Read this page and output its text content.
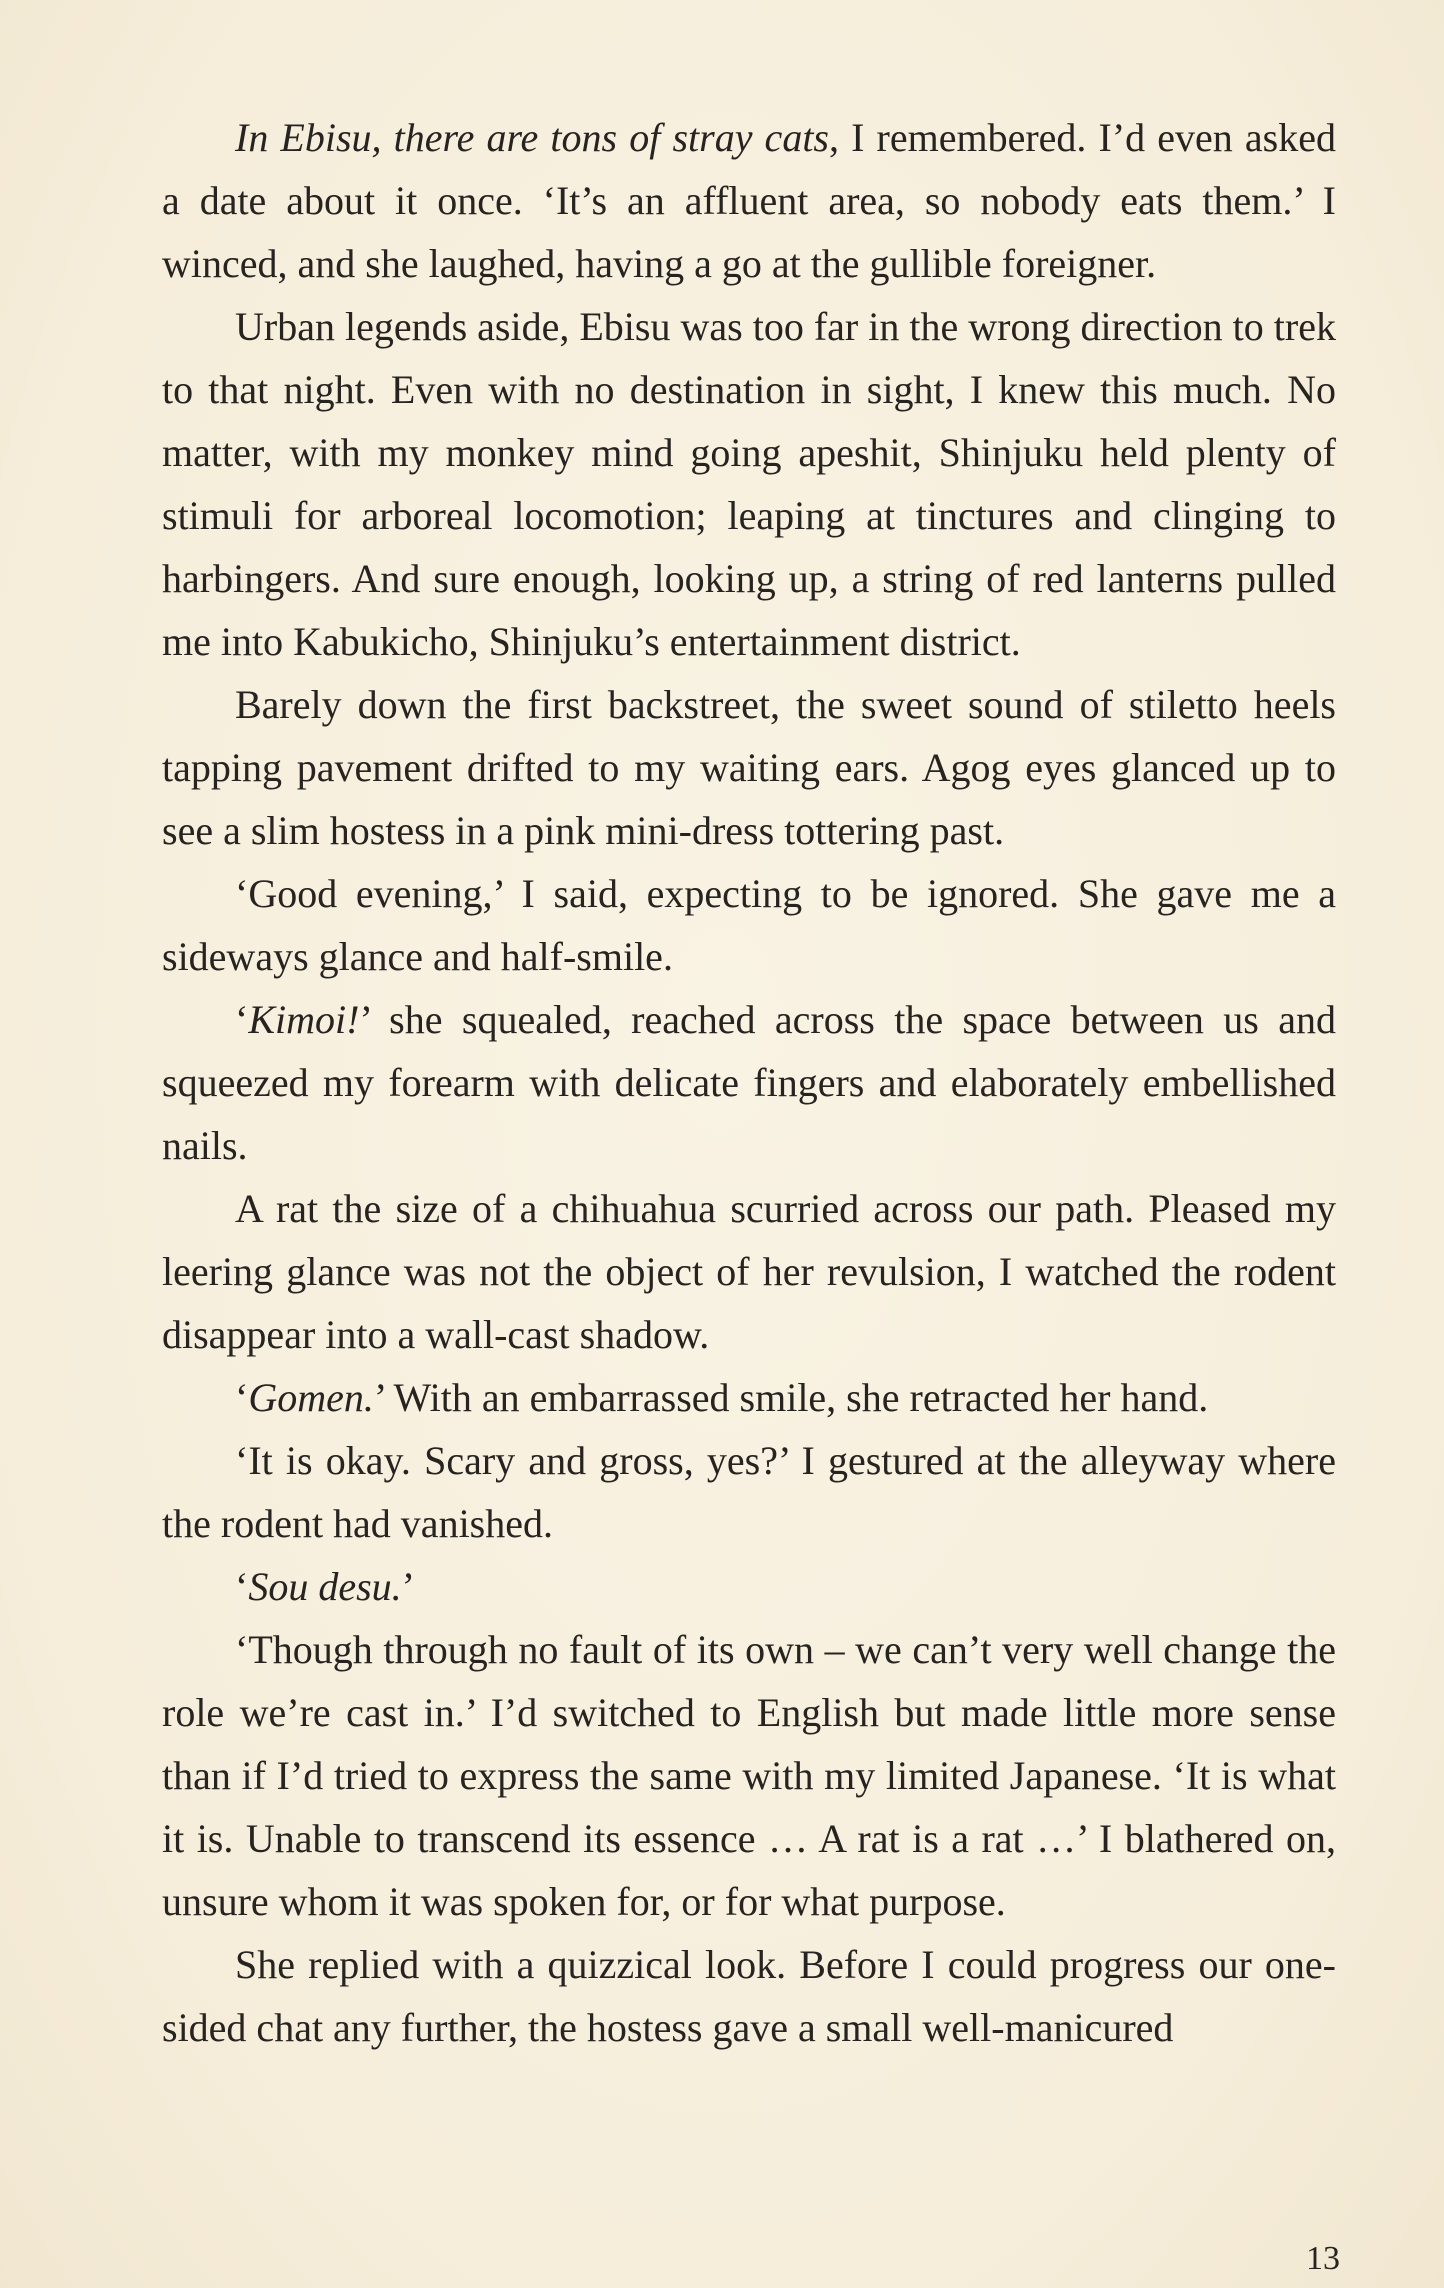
In Ebisu, there are tons of stray cats, I remembered. I’d even asked a date about it once. ‘It’s an affluent area, so nobody eats them.’ I winced, and she laughed, having a go at the gullible foreigner.

Urban legends aside, Ebisu was too far in the wrong direction to trek to that night. Even with no destination in sight, I knew this much. No matter, with my monkey mind going apeshit, Shinjuku held plenty of stimuli for arboreal locomotion; leaping at tinctures and clinging to harbingers. And sure enough, looking up, a string of red lanterns pulled me into Kabukicho, Shinjuku’s entertainment district.

Barely down the first backstreet, the sweet sound of stiletto heels tapping pavement drifted to my waiting ears. Agog eyes glanced up to see a slim hostess in a pink mini-dress tottering past.

‘Good evening,’ I said, expecting to be ignored. She gave me a sideways glance and half-smile.

‘Kimoi!’ she squealed, reached across the space between us and squeezed my forearm with delicate fingers and elaborately embellished nails.

A rat the size of a chihuahua scurried across our path. Pleased my leering glance was not the object of her revulsion, I watched the rodent disappear into a wall-cast shadow.

‘Gomen.’ With an embarrassed smile, she retracted her hand.

‘It is okay. Scary and gross, yes?’ I gestured at the alleyway where the rodent had vanished.

‘Sou desu.’

‘Though through no fault of its own – we can’t very well change the role we’re cast in.’ I’d switched to English but made little more sense than if I’d tried to express the same with my limited Japanese. ‘It is what it is. Unable to transcend its essence … A rat is a rat …’ I blathered on, unsure whom it was spoken for, or for what purpose.

She replied with a quizzical look. Before I could progress our one-sided chat any further, the hostess gave a small well-manicured

13
